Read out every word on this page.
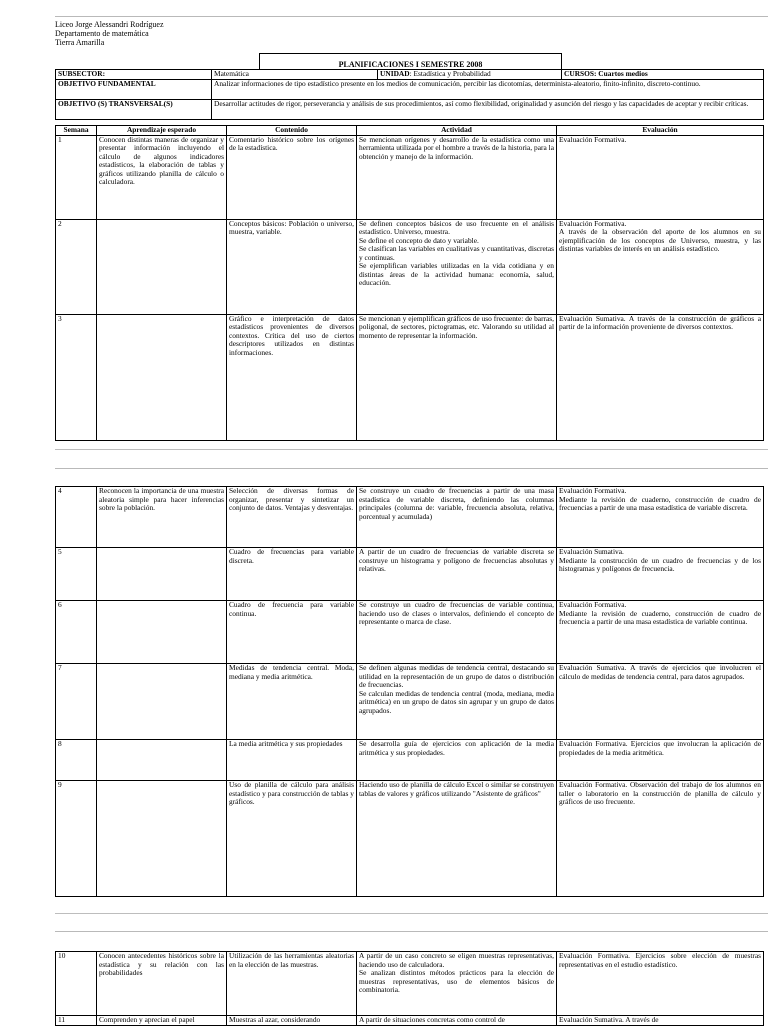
Liceo Jorge Alessandri Rodríguez
Departamento de matemática
Tierra Amarilla
PLANIFICACIONES I SEMESTRE 2008
SUBSECTOR:	Matemática	UNIDAD: Estadística y Probabilidad	CURSOS: Cuartos medios
OBJETIVO FUNDAMENTAL	Analizar informaciones de tipo estadístico presente en los medios de comunicación, percibir las dicotomías, determinista-aleatorio, finito-infinito, discreto-continuo.		
OBJETIVO (S) TRANSVERSAL(S)	Desarrollar actitudes de rigor, perseverancia y análisis de sus procedimientos, así como flexibilidad, originalidad y asunción del riesgo y las capacidades de aceptar y recibir críticas.		
Semana	Aprendizaje esperado	Contenido	Actividad	Evaluación
1	Conocen distintas maneras de organizar y presentar información incluyendo el cálculo de algunos indicadores estadísticos, la elaboración de tablas y gráficos utilizando planilla de cálculo o calculadora.	Comentario histórico sobre los orígenes de la estadística.	Se mencionan orígenes y desarrollo de la estadística como una herramienta utilizada por el hombre a través de la historia, para la obtención y manejo de la información.	Evaluación Formativa.
2		Conceptos básicos: Población o universo, muestra, variable.	Se definen conceptos básicos de uso frecuente en el análisis estadístico. Universo, muestra.
Se define el concepto de dato y variable.
Se clasifican las variables en cualitativas y cuantitativas, discretas y continuas.
Se ejemplifican variables utilizadas en la vida cotidiana y en distintas áreas de la actividad humana: economía, salud, educación.	Evaluación Formativa.
A través de la observación del aporte de los alumnos en su ejemplificación de los conceptos de Universo, muestra, y las distintas variables de interés en un análisis estadístico.
3		Gráfico e interpretación de datos estadísticos provenientes de diversos contextos. Crítica del uso de ciertos descriptores utilizados en distintas informaciones.	Se mencionan y ejemplifican gráficos de uso frecuente: de barras, poligonal, de sectores, pictogramas, etc. Valorando su utilidad al momento de representar la información.	Evaluación Sumativa. A través de la construcción de gráficos a partir de la información proveniente de diversos contextos.
4	Reconocen la importancia de una muestra aleatoria simple para hacer inferencias sobre la población.	Selección de diversas formas de organizar, presentar y sintetizar un conjunto de datos. Ventajas y desventajas.	Se construye un cuadro de frecuencias a partir de una masa estadística de variable discreta, definiendo las columnas principales (columna de: variable, frecuencia absoluta, relativa, porcentual y acumulada)	Evaluación Formativa.
Mediante la revisión de cuaderno, construcción de cuadro de frecuencias a partir de una masa estadística de variable discreta.
5		Cuadro de frecuencias para variable discreta.	A partir de un cuadro de frecuencias de variable discreta se construye un histograma y polígono de frecuencias absolutas y relativas.	Evaluación Sumativa.
Mediante la construcción de un cuadro de frecuencias y de los histogramas y polígonos de frecuencia.
6		Cuadro de frecuencia para variable continua.	Se construye un cuadro de frecuencias de variable continua, haciendo uso de clases o intervalos, definiendo el concepto de representante o marca de clase.	Evaluación Formativa.
Mediante la revisión de cuaderno, construcción de cuadro de frecuencia a partir de una masa estadística de variable continua.
7		Medidas de tendencia central. Moda, mediana y media aritmética.	Se definen algunas medidas de tendencia central, destacando su utilidad en la representación de un grupo de datos o distribución de frecuencias.
Se calculan medidas de tendencia central (moda, mediana, media aritmética) en un grupo de datos sin agrupar y un grupo de datos agrupados.	Evaluación Sumativa. A través de ejercicios que involucren el cálculo de medidas de tendencia central, para datos agrupados.
8		La media aritmética y sus propiedades	Se desarrolla guía de ejercicios con aplicación de la media aritmética y sus propiedades.	Evaluación Formativa. Ejercicios que involucran la aplicación de propiedades de la media aritmética.
9		Uso de planilla de cálculo para análisis estadístico y para construcción de tablas y gráficos.	Haciendo uso de planilla de cálculo Excel o similar se construyen tablas de valores y gráficos utilizando "Asistente de gráficos"	Evaluación Formativa. Observación del trabajo de los alumnos en taller o laboratorio en la construcción de planilla de cálculo y gráficos de uso frecuente.
10	Conocen antecedentes históricos sobre la estadística y su relación con las probabilidades	Utilización de las herramientas aleatorias en la elección de las muestras.	A partir de un caso concreto se eligen muestras representativas, haciendo uso de calculadora.
Se analizan distintos métodos prácticos para la elección de muestras representativas, uso de elementos básicos de combinatoria.	Evaluación Formativa. Ejercicios sobre elección de muestras representativas en el estudio estadístico.
11	Comprenden y aprecian el papel	Muestras al azar, considerando	A partir de situaciones concretas como control de	Evaluación Sumativa. A través de
